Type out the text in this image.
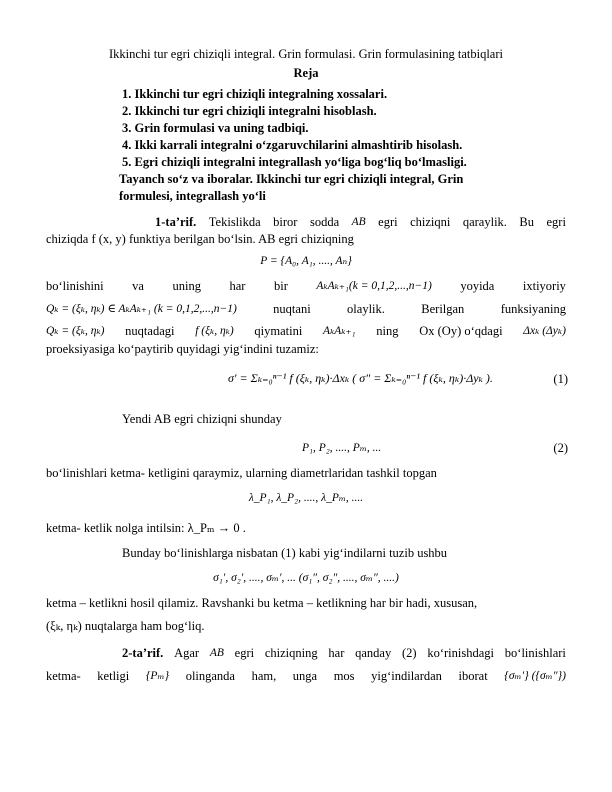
Ikkinchi tur egri chiziqli integral. Grin formulasi. Grin formulasining tatbiqlari
Reja
1. Ikkinchi tur egri chiziqli integralning xossalari.
2. Ikkinchi tur egri chiziqli integralni hisoblash.
3. Grin formulasi va uning tadbiqi.
4. Ikki karrali integralni o‘zgaruvchilarini almashtirib hisolash.
5. Egri chiziqli integralni integrallash yo‘liga bog‘liq bo‘lmasligi.
Tayanch so‘z va iboralar. Ikkinchi tur egri chiziqli integral, Grin
formulesi, integrallash yo‘li
1-ta’rif. Tekislikda biror sodda AB egri chiziqni qaraylik. Bu egri
chiziqda f (x, y) funktiya berilgan bo‘lsin. AB egri chiziqning
P = {A₀, A₁, ...., Aₙ}
bo‘linishini va uning har bir AₖAₖ₊₁(k = 0,1,2,...,n−1) yoyida ixtiyoriy
Qₖ = (ξₖ, ηₖ) ∈ AₖAₖ₊₁ (k = 0,1,2,...,n−1)	nuqtani	olaylik.	Berilgan	funksiyaning
Qₖ = (ξₖ, ηₖ) nuqtadagi f (ξₖ, ηₖ) qiymatini AₖAₖ₊₁ ning Ox (Oy) o‘qdagi Δxₖ (Δyₖ)
proeksiyasiga ko‘paytirib quyidagi yig‘indini tuzamiz:
σ′ = Σₖ₌₀ⁿ⁻¹ f (ξₖ, ηₖ)·Δxₖ ( σ″ = Σₖ₌₀ⁿ⁻¹ f (ξₖ, ηₖ)·Δyₖ ).	(1)
Yendi AB egri chiziqni shunday
P₁, P₂, ...., Pₘ, ...	(2)
bo‘linishlari ketma- ketligini qaraymiz, ularning diametrlaridan tashkil topgan
λ_P₁, λ_P₂, ...., λ_Pₘ, ....
ketma- ketlik nolga intilsin: λ_Pₘ → 0 .
Bunday bo‘linishlarga nisbatan (1) kabi yig‘indilarni tuzib ushbu
σ₁′, σ₂′, ...., σₘ′, ... (σ₁″, σ₂″, ...., σₘ″, ....)
ketma – ketlikni hosil qilamiz. Ravshanki bu ketma – ketlikning har bir hadi, xususan,
(ξₖ, ηₖ) nuqtalarga ham bog‘liq.
2-ta’rif. Agar AB egri chiziqning har qanday (2) ko‘rinishdagi bo‘linishlari
ketma- ketligi {Pₘ} olinganda ham, unga mos yig‘indilardan iborat {σₘ′} ({σₘ″})
